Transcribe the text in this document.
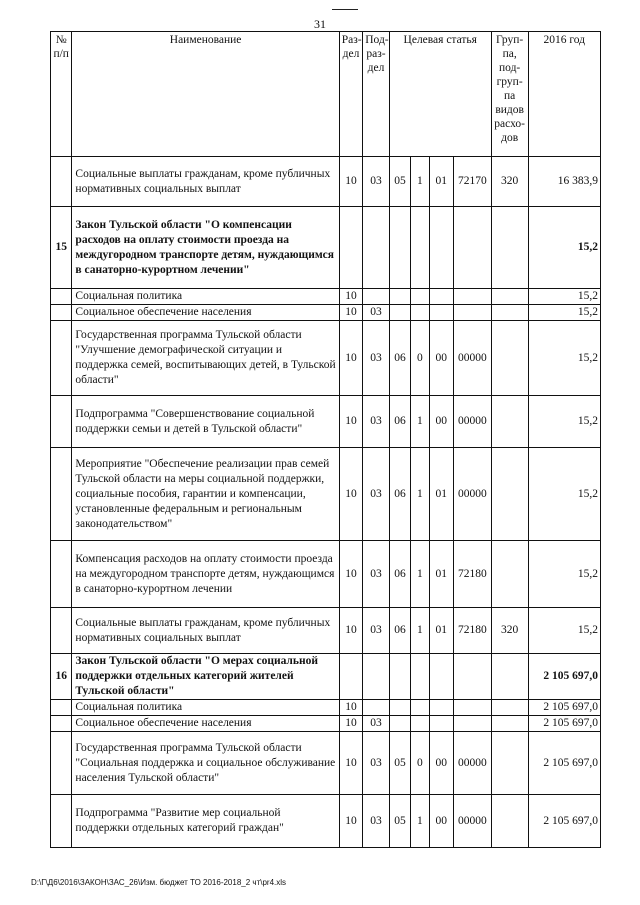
31
№ п/п	Наименование	Раз-дел	Под-раз-дел	Целевая статья				Груп-па, под-груп-па видов расхо-дов	2016 год
	Социальные выплаты гражданам, кроме публичных нормативных социальных выплат	10	03	05	1	01	72170	320	16 383,9
15	Закон Тульской области "О компенсации расходов на оплату стоимости проезда на междугородном транспорте детям, нуждающимся в санаторно-курортном лечении"								15,2
	Социальная политика	10							15,2
	Социальное обеспечение населения	10	03						15,2
	Государственная программа Тульской области "Улучшение демографической ситуации и поддержка семей, воспитывающих детей, в Тульской области"	10	03	06	0	00	00000		15,2
	Подпрограмма "Совершенствование социальной поддержки семьи и детей в Тульской области"	10	03	06	1	00	00000		15,2
	Мероприятие "Обеспечение реализации прав семей Тульской области на меры социальной поддержки, социальные пособия, гарантии и компенсации, установленные федеральным и региональным законодательством"	10	03	06	1	01	00000		15,2
	Компенсация расходов на оплату стоимости проезда на междугородном транспорте детям, нуждающимся в санаторно-курортном лечении	10	03	06	1	01	72180		15,2
	Социальные выплаты гражданам, кроме публичных нормативных социальных выплат	10	03	06	1	01	72180	320	15,2
16	Закон Тульской области "О мерах социальной поддержки отдельных категорий жителей Тульской области"								2 105 697,0
	Социальная политика	10							2 105 697,0
	Социальное обеспечение населения	10	03						2 105 697,0
	Государственная программа Тульской области "Социальная поддержка и социальное обслуживание населения Тульской области"	10	03	05	0	00	00000		2 105 697,0
	Подпрограмма "Развитие мер социальной поддержки отдельных категорий граждан"	10	03	05	1	00	00000		2 105 697,0
D:\Г\Д6\2016\ЗАКОН\ЗАС_26\Изм. бюджет ТО 2016-2018_2 чт\pr4.xls
